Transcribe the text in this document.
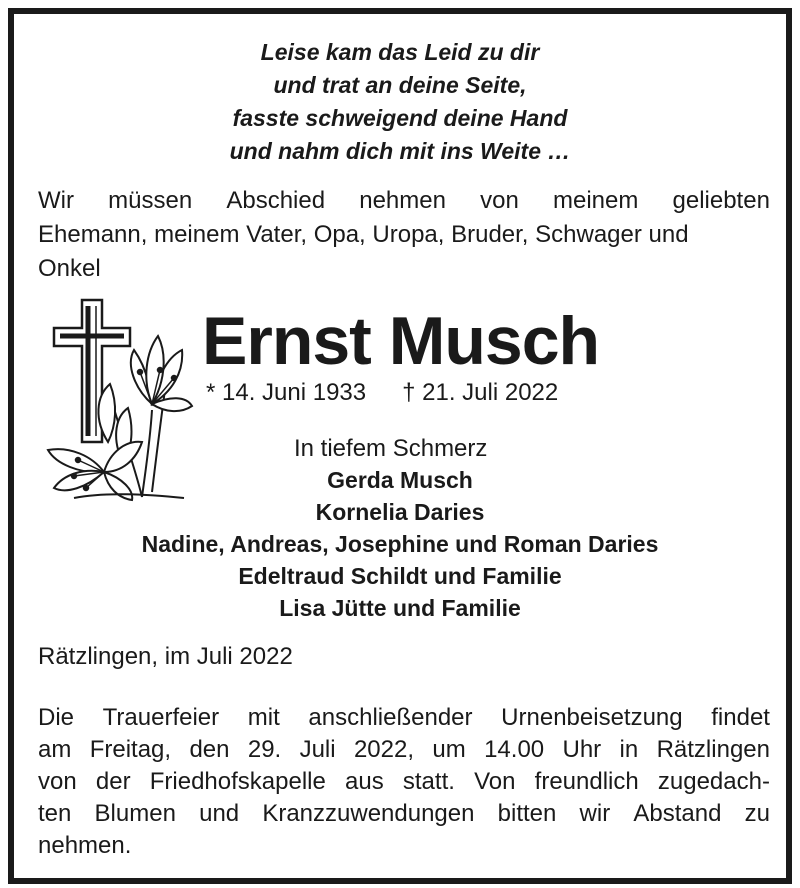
Leise kam das Leid zu dir
und trat an deine Seite,
fasste schweigend deine Hand
und nahm dich mit ins Weite …
Wir müssen Abschied nehmen von meinem geliebten
Ehemann, meinem Vater, Opa, Uropa, Bruder, Schwager und
Onkel
Ernst Musch
* 14. Juni 1933 † 21. Juli 2022
In tiefem Schmerz
Gerda Musch
Kornelia Daries
Nadine, Andreas, Josephine und Roman Daries
Edeltraud Schildt und Familie
Lisa Jütte und Familie
Rätzlingen, im Juli 2022
Die Trauerfeier mit anschließender Urnenbeisetzung findet
am Freitag, den 29. Juli 2022, um 14.00 Uhr in Rätzlingen
von der Friedhofskapelle aus statt. Von freundlich zugedach-
ten Blumen und Kranzzuwendungen bitten wir Abstand zu
nehmen.
